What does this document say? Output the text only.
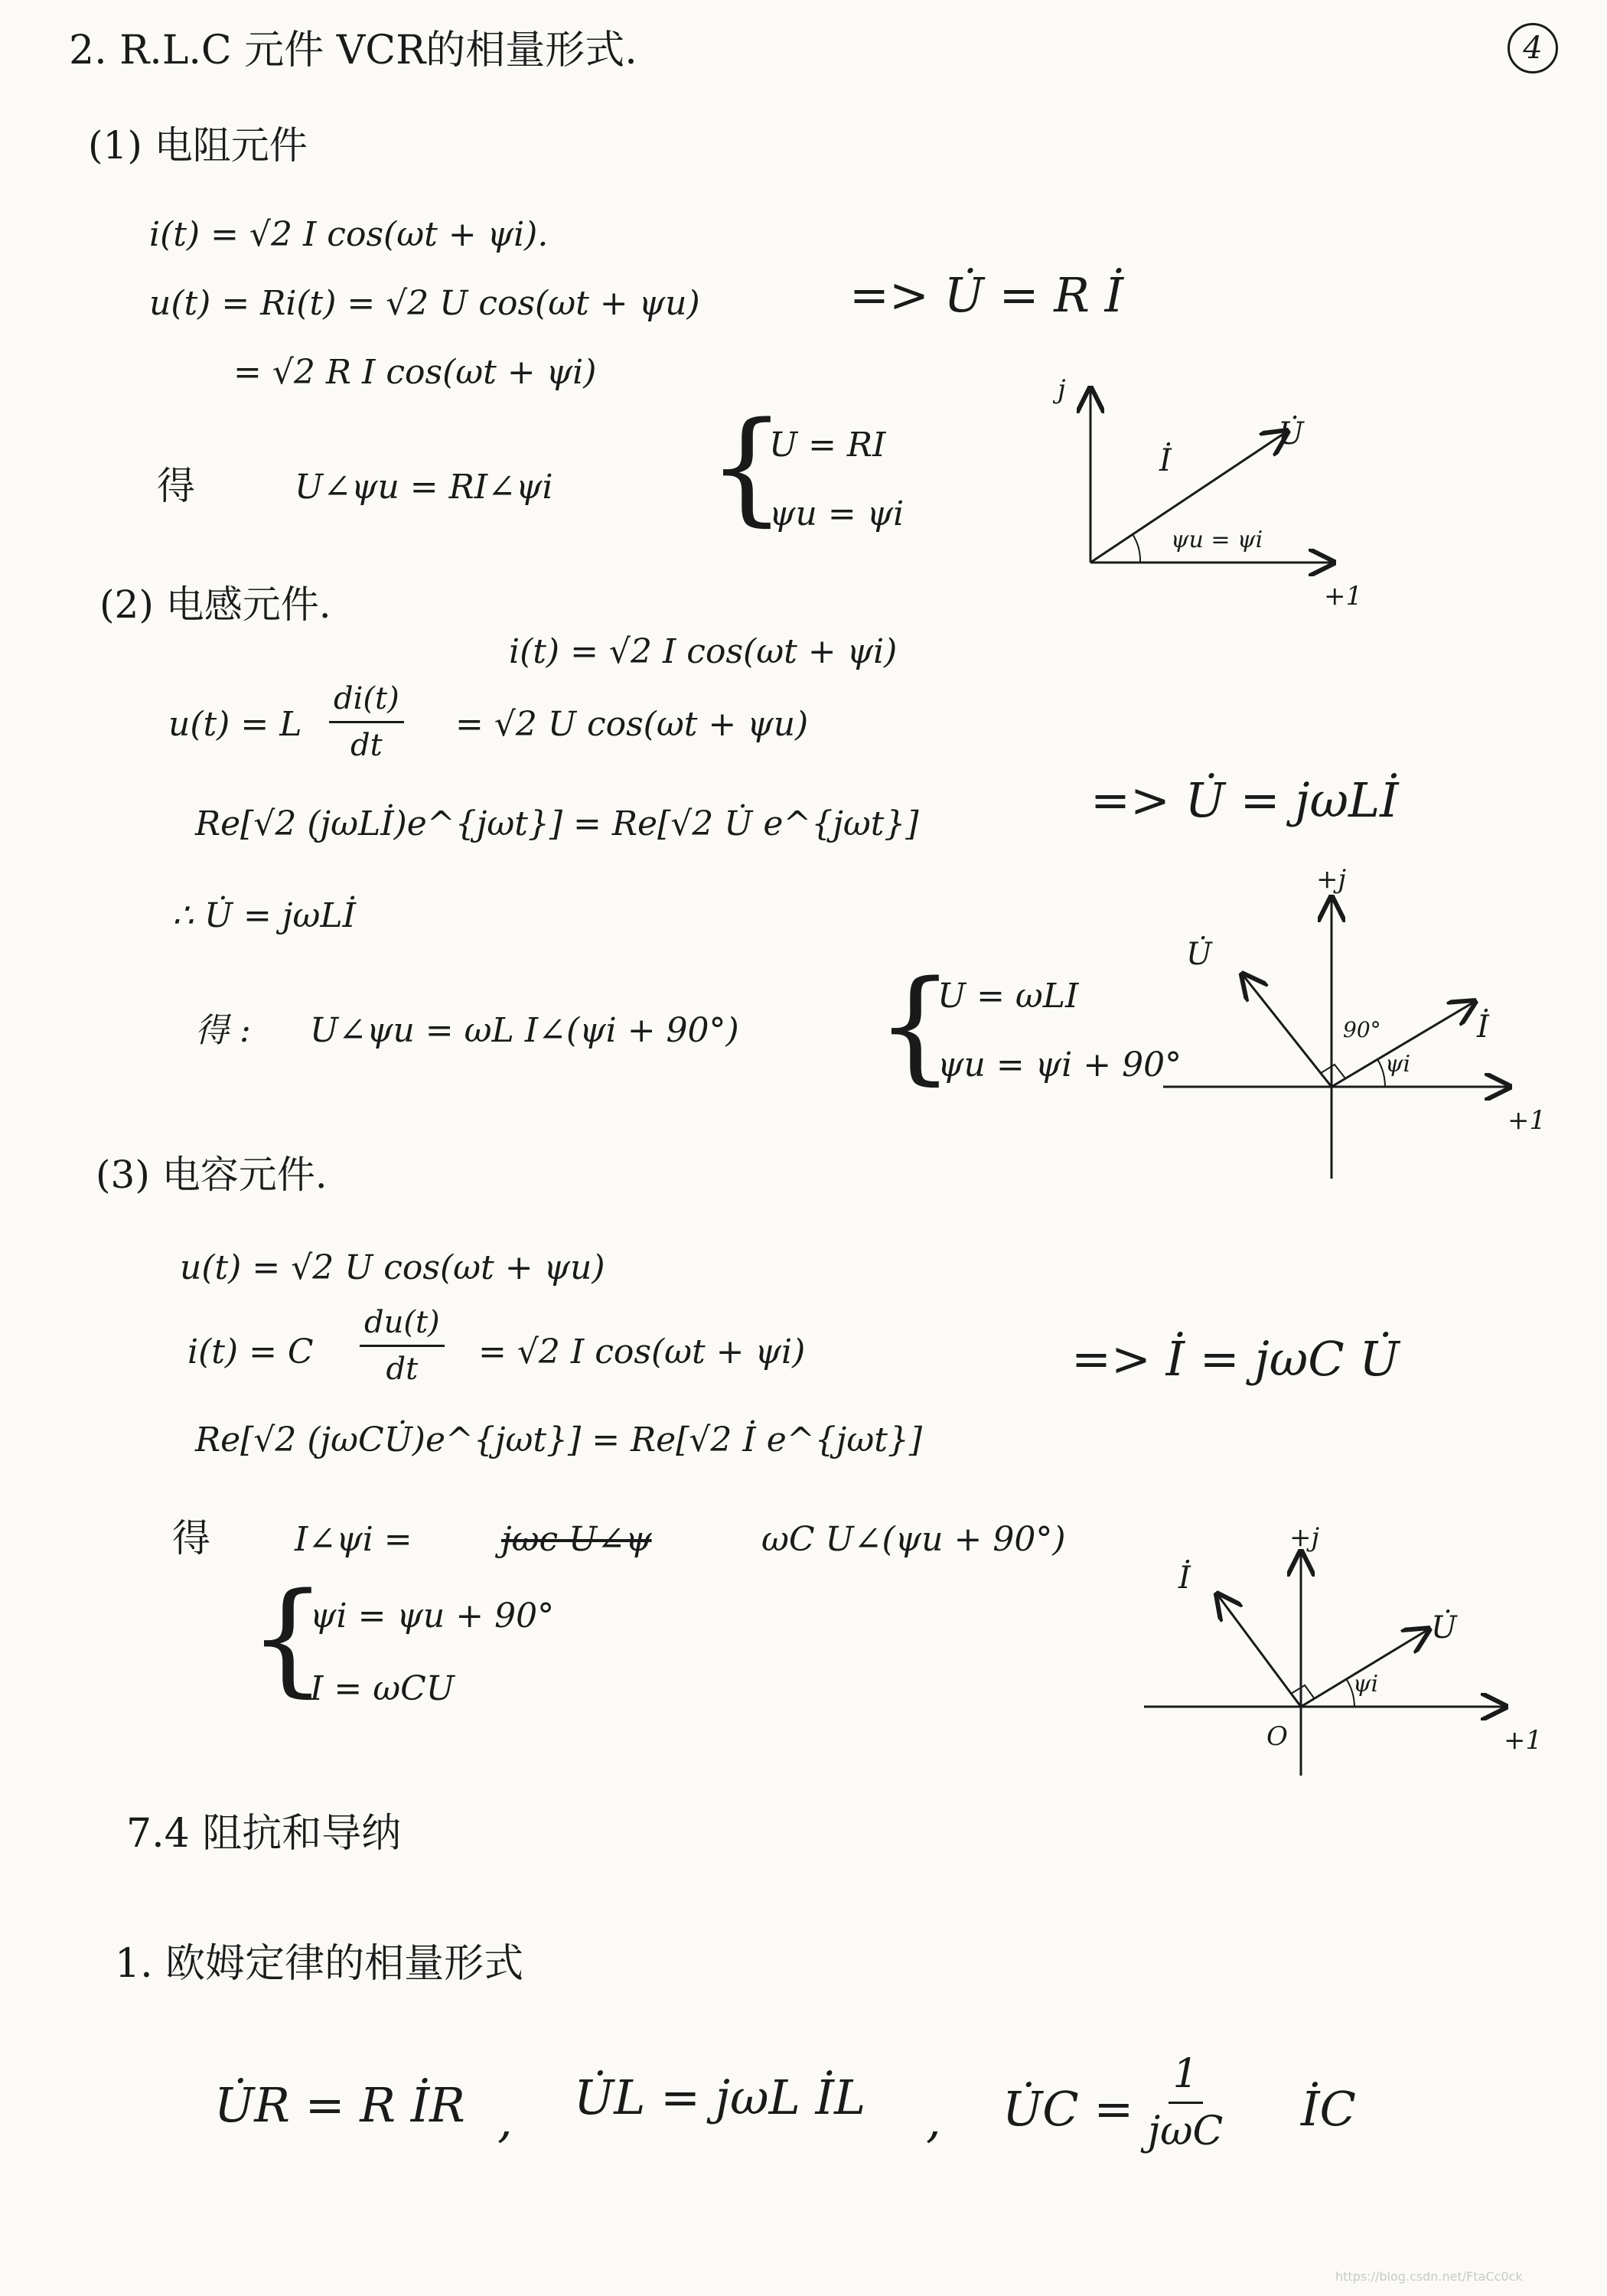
4
2. R.L.C 元件 VCR的相量形式.
(1) 电阻元件
i(t) = √2 I cos(ωt + ψi).
u(t) = Ri(t) = √2 U cos(ωt + ψu)
= √2 R I cos(ωt + ψi)
=> U̇ = R İ
得	U∠ψu = RI∠ψi {
U = RI
ψu = ψi
j
+1
İ
U̇
ψu = ψi
(2) 电感元件.
i(t) = √2 I cos(ωt + ψi)
u(t) = L $\frac{di(t)}{dt} = √2$ U cos(ωt + ψu)
Re[√2 (jωLİ)e^{jωt}] = Re[√2 U̇ e^{jωt}]	=> U̇ = jωLİ
∴ U̇ = jωLİ
得 : U∠ψu = ωL I∠(ψi + 90°) {
U = ωLI
ψu = ψi + 90°
+j
+1
U̇
İ
90°
ψi
(3) 电容元件.
u(t) = √2 U cos(ωt + ψu)
i(t) = C $\frac{du(t)}{dt} = √2$ I cos(ωt + ψi)	=> İ = jωC U̇
Re[√2 (jωCU̇)e^{jωt}] = Re[√2 İ e^{jωt}]
得	I∠ψi =	jωc U∠ψ	ωC U∠(ψu + 90°)
{
ψi = ψu + 90°
I = ωCU
+j
+1
O
İ
U̇
ψi
7.4 阻抗和导纳
1. 欧姆定律的相量形式
U̇R = R İR , U̇L = jωL İL , U̇C =
1
jωC İC
https://blog.csdn.net/FtaCc0ck
